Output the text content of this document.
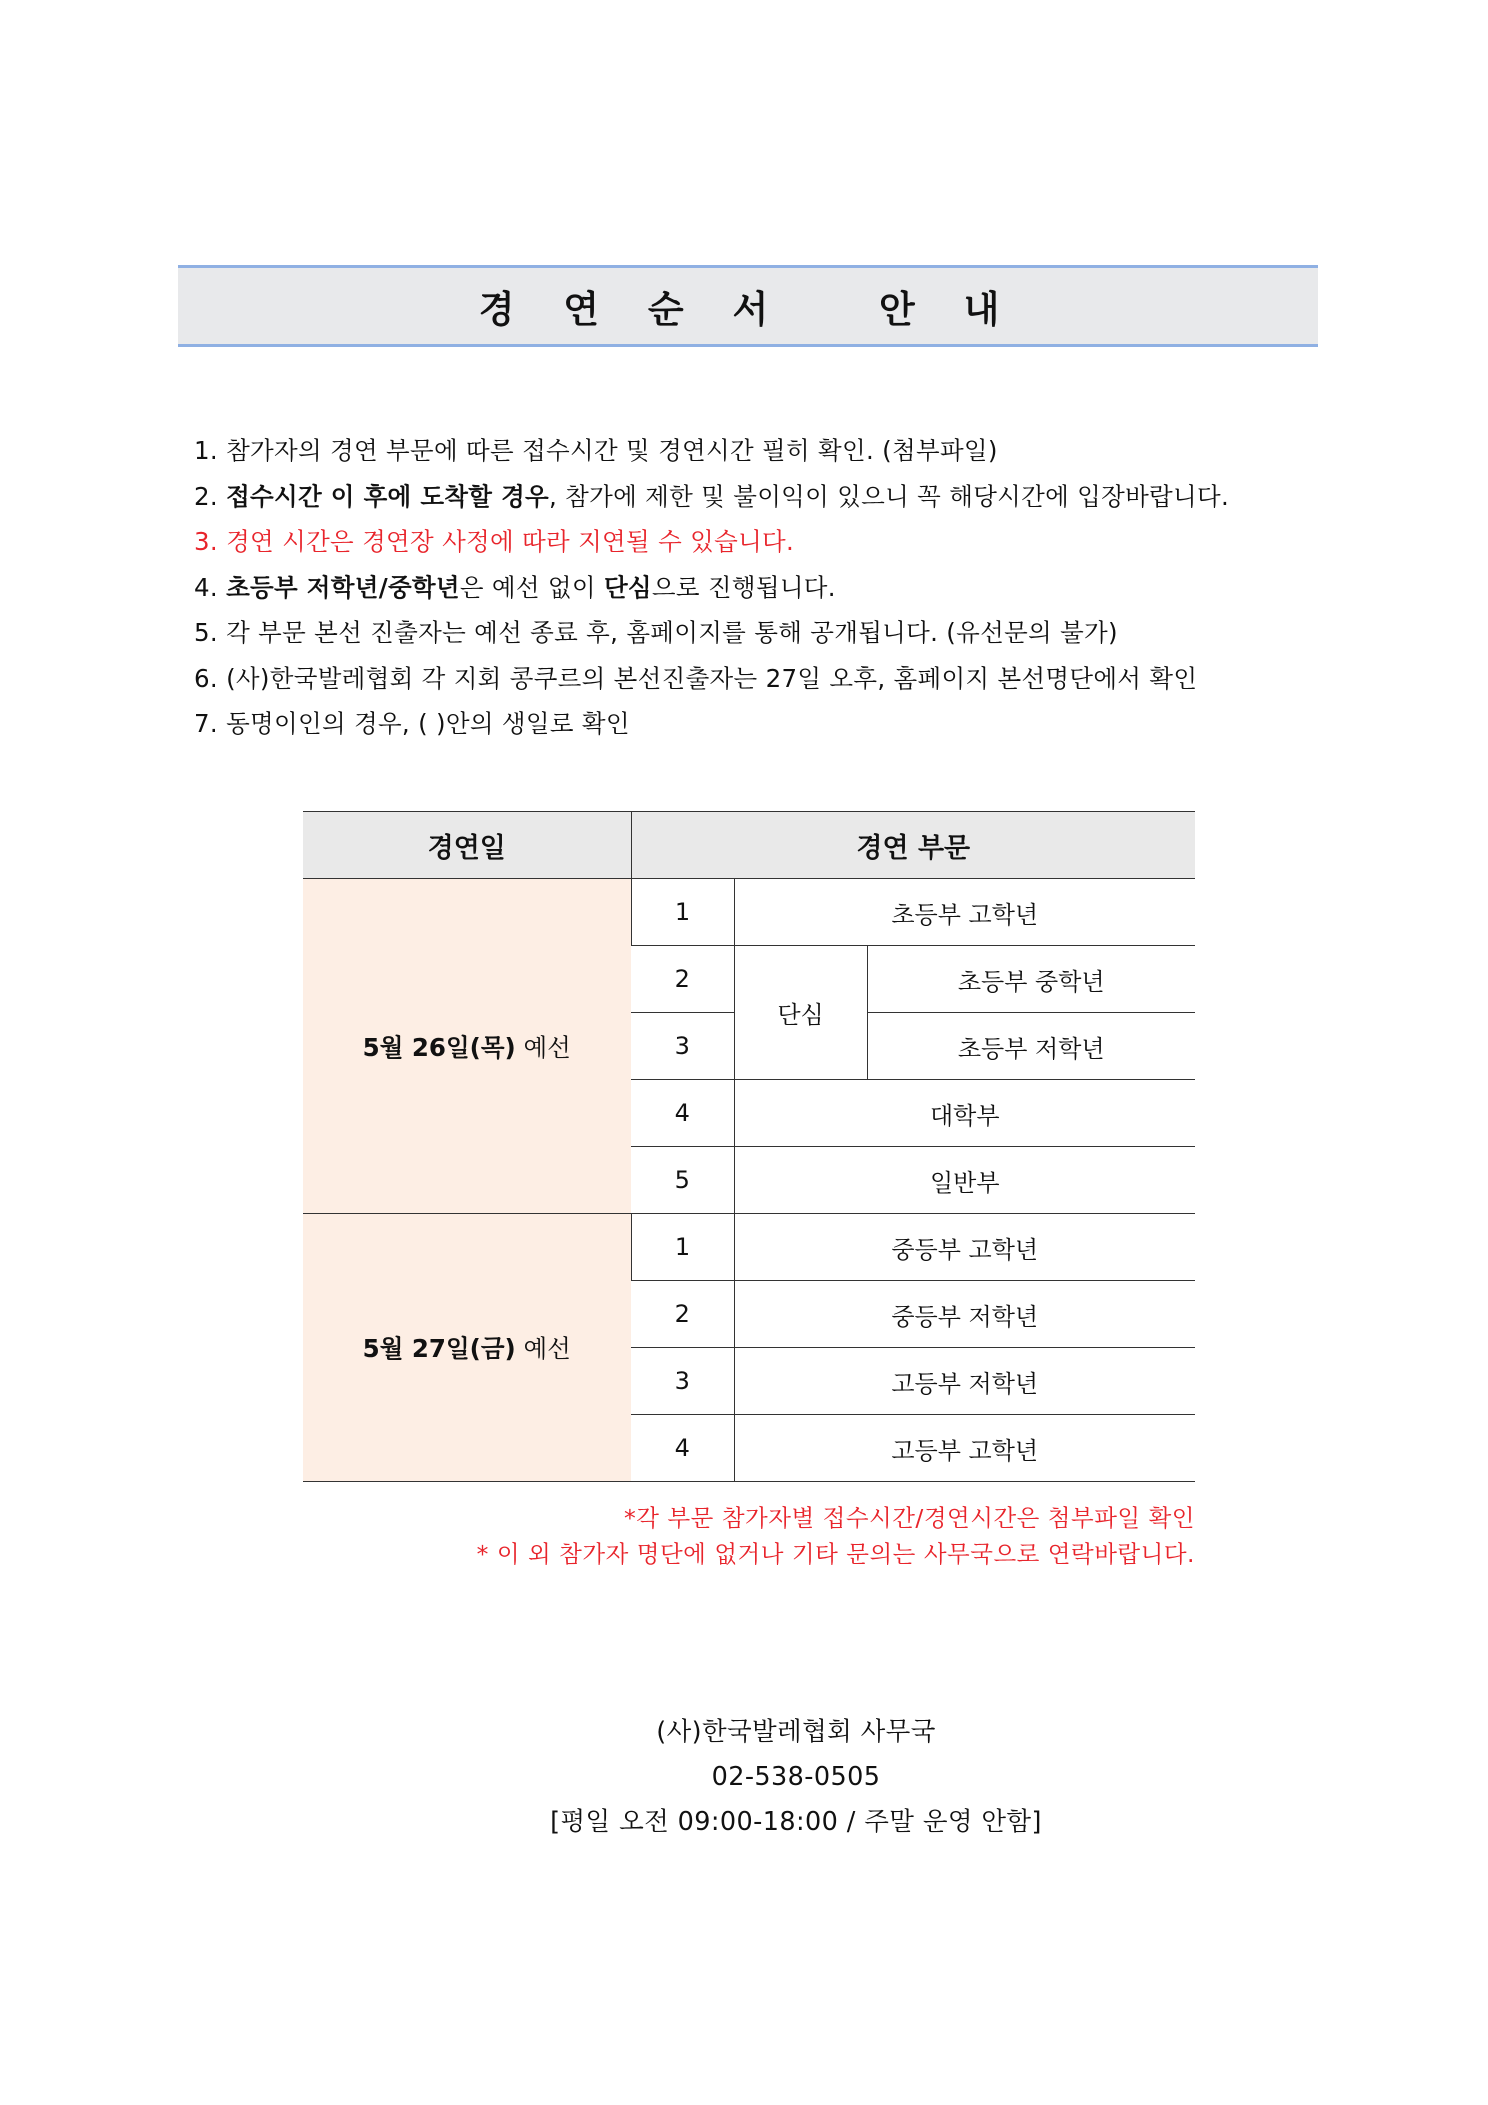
경 연 순 서   안 내
1. 참가자의 경연 부문에 따른 접수시간 및 경연시간 필히 확인. (첨부파일)
2. 접수시간 이 후에 도착할 경우, 참가에 제한 및 불이익이 있으니 꼭 해당시간에 입장바랍니다.
3. 경연 시간은 경연장 사정에 따라 지연될 수 있습니다.
4. 초등부 저학년/중학년은 예선 없이 단심으로 진행됩니다.
5. 각 부문 본선 진출자는 예선 종료 후, 홈페이지를 통해 공개됩니다. (유선문의 불가)
6. (사)한국발레협회 각 지회 콩쿠르의 본선진출자는 27일 오후, 홈페이지 본선명단에서 확인
7. 동명이인의 경우, ( )안의 생일로 확인
경연일	경연 부문		
5월 26일(목) 예선	1	초등부 고학년	
	2	단심	초등부 중학년
	3		초등부 저학년
	4	대학부	
	5	일반부	
5월 27일(금) 예선	1	중등부 고학년	
	2	중등부 저학년	
	3	고등부 저학년	
	4	고등부 고학년	
*각 부문 참가자별 접수시간/경연시간은 첨부파일 확인
* 이 외 참가자 명단에 없거나 기타 문의는 사무국으로 연락바랍니다.
(사)한국발레협회 사무국
02-538-0505
[평일 오전 09:00-18:00 / 주말 운영 안함]
